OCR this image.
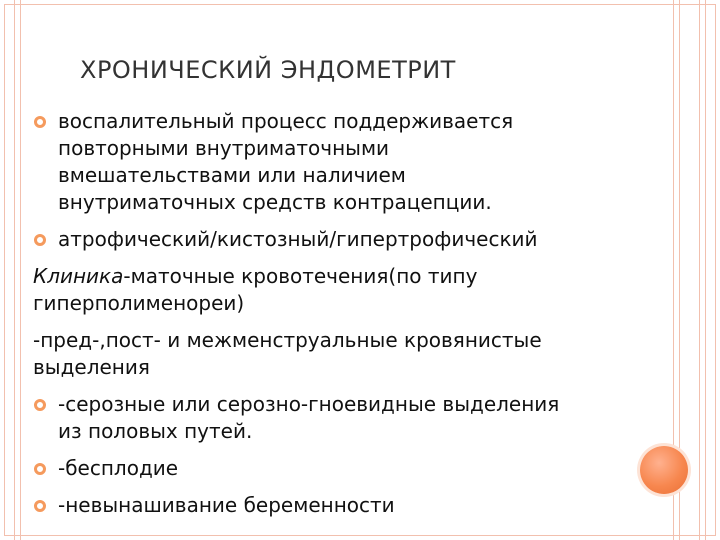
ХРОНИЧЕСКИЙ ЭНДОМЕТРИТ
воспалительный процесс поддерживается
повторными внутриматочными
вмешательствами или наличием
внутриматочных средств контрацепции.
атрофический/кистозный/гипертрофический
Клиника-маточные кровотечения(по типу
гиперполименореи)
-пред-,пост- и межменструальные кровянистые
выделения
-серозные или серозно-гноевидные выделения
из половых путей.
-бесплодие
-невынашивание беременности
